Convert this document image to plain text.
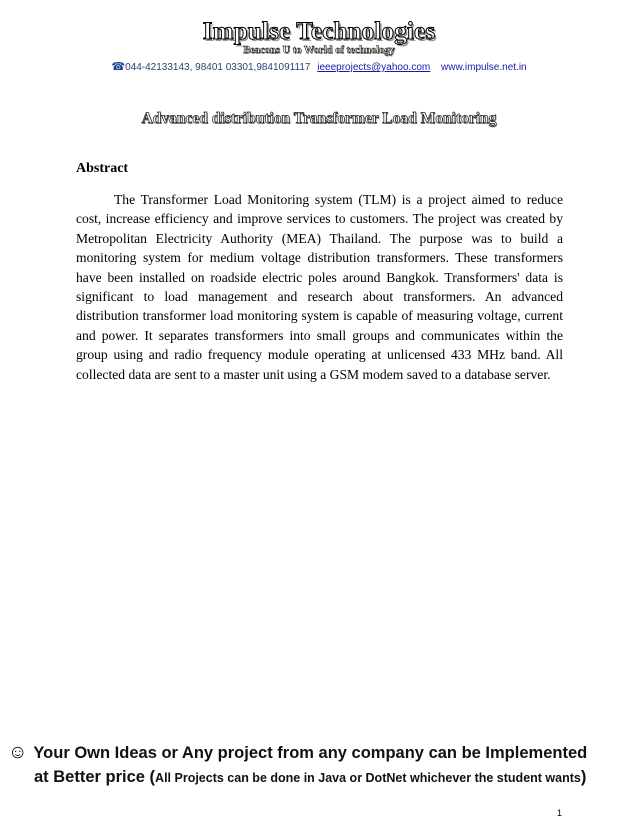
Impulse Technologies
Beacons U to World of technology
☎044-42133143, 98401 03301,9841091117 ieeeprojects@yahoo.com www.impulse.net.in
Advanced distribution Transformer Load Monitoring
Abstract

The Transformer Load Monitoring system (TLM) is a project aimed to reduce cost, increase efficiency and improve services to customers. The project was created by Metropolitan Electricity Authority (MEA) Thailand. The purpose was to build a monitoring system for medium voltage distribution transformers. These transformers have been installed on roadside electric poles around Bangkok. Transformers' data is significant to load management and research about transformers. An advanced distribution transformer load monitoring system is capable of measuring voltage, current and power. It separates transformers into small groups and communicates within the group using and radio frequency module operating at unlicensed 433 MHz band. All collected data are sent to a master unit using a GSM modem saved to a database server.

☺ Your Own Ideas or Any project from any company can be Implemented
at Better price (All Projects can be done in Java or DotNet whichever the student wants)
1
